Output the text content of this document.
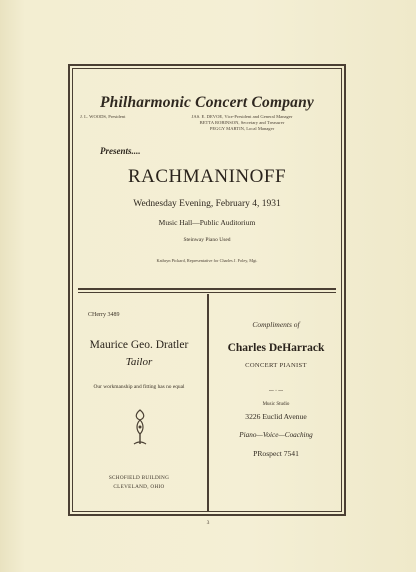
Philharmonic Concert Company
J. L. WOODS, President	JAS. E. DEVOE, Vice-President and General Manager
BETTA ROBINSON, Secretary and Treasurer
PEGGY MARTIN, Local Manager
Presents....
RACHMANINOFF
Wednesday Evening, February 4, 1931
Music Hall—Public Auditorium
Steinway Piano Used
Kathryn Pickard, Representative for Charles J. Foley, Mgt.
CHerry 3489
Maurice Geo. Dratler
Tailor
Our workmanship and fitting has no equal
SCHOFIELD BUILDING
CLEVELAND, OHIO
Compliments of
Charles DeHarrack
CONCERT PIANIST
⁓ ◦ ⁓
Music Studio
3226 Euclid Avenue
Piano—Voice—Coaching
PRospect 7541
3
